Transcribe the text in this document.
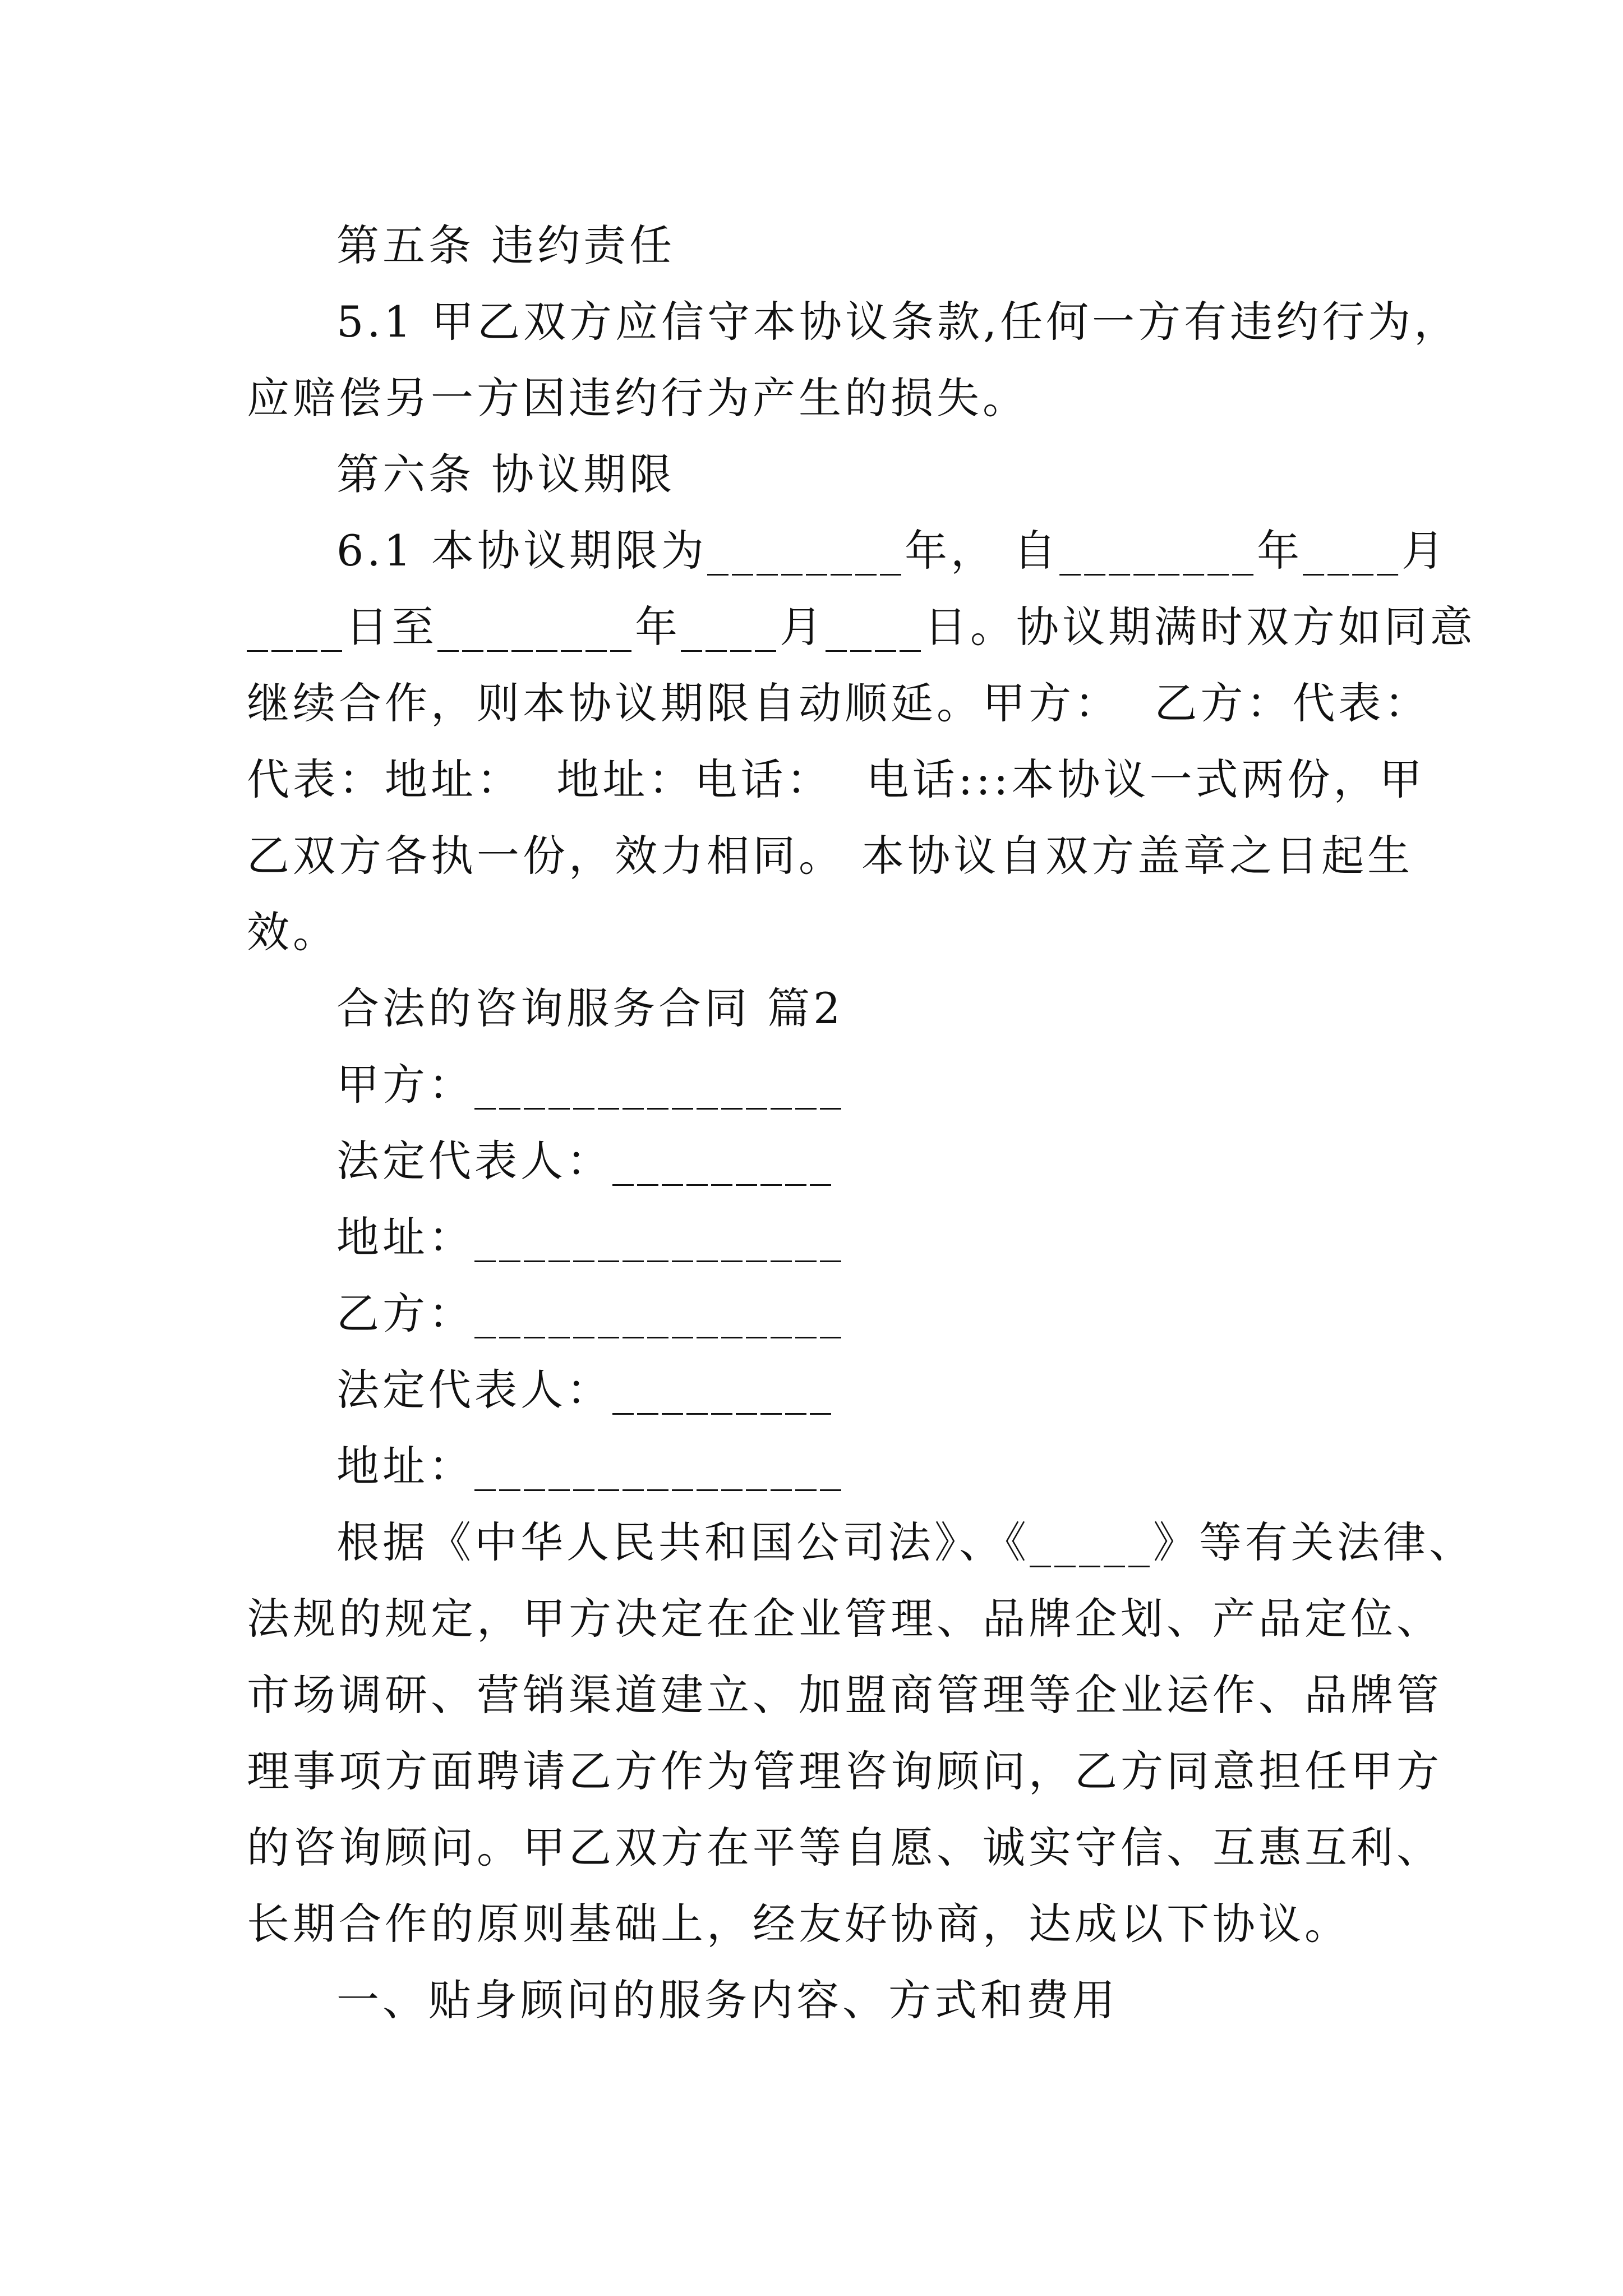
第五条 违约责任
5.1 甲乙双方应信守本协议条款,任何一方有违约行为，
应赔偿另一方因违约行为产生的损失。
第六条 协议期限
6.1 本协议期限为________年， 自________年____月
____日至________年____月____日。协议期满时双方如同意
继续合作，则本协议期限自动顺延。甲方：  乙方：代表：
代表：地址：  地址：电话：  电话:::本协议一式两份，甲
乙双方各执一份，效力相同。 本协议自双方盖章之日起生
效。
合法的咨询服务合同 篇2
甲方：_______________
法定代表人：_________
地址：_______________
乙方：_______________
法定代表人：_________
地址：_______________
根据《中华人民共和国公司法》、《_____》等有关法律、
法规的规定，甲方决定在企业管理、品牌企划、产品定位、
市场调研、营销渠道建立、加盟商管理等企业运作、品牌管
理事项方面聘请乙方作为管理咨询顾问，乙方同意担任甲方
的咨询顾问。甲乙双方在平等自愿、诚实守信、互惠互利、
长期合作的原则基础上，经友好协商，达成以下协议。
一、贴身顾问的服务内容、方式和费用
